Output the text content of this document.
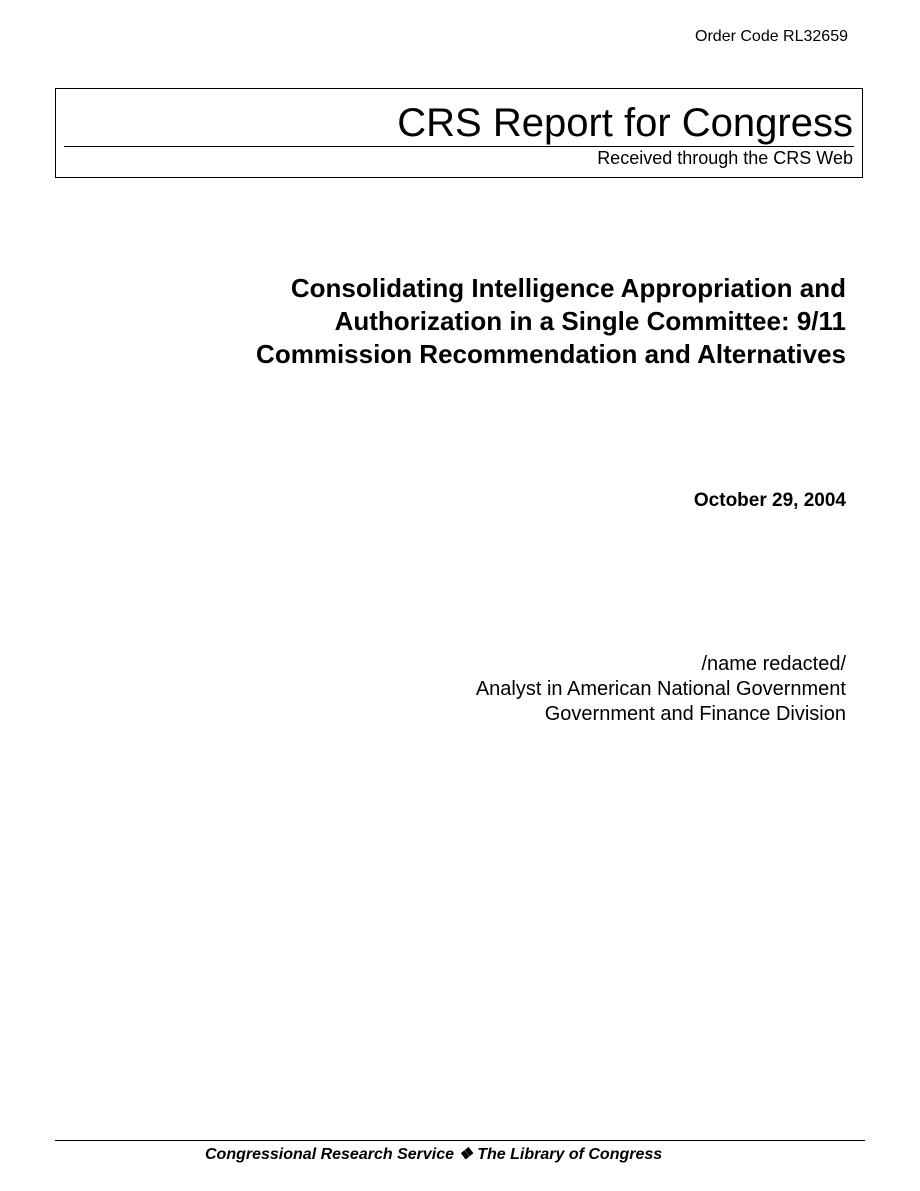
Order Code RL32659
CRS Report for Congress
Received through the CRS Web
Consolidating Intelligence Appropriation and
Authorization in a Single Committee: 9/11
Commission Recommendation and Alternatives
October 29, 2004
/name redacted/
Analyst in American National Government
Government and Finance Division
Congressional Research Service ❖ The Library of Congress
